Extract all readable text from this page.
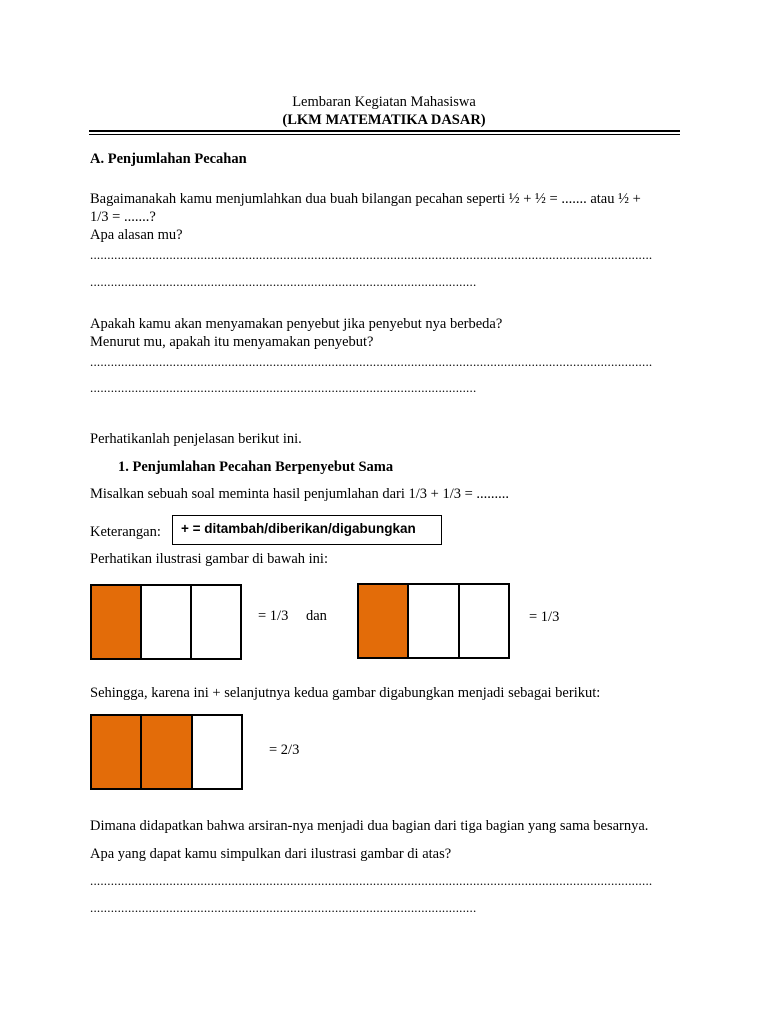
Lembaran Kegiatan Mahasiswa
(LKM MATEMATIKA DASAR)
A. Penjumlahan Pecahan
Bagaimanakah kamu menjumlahkan dua buah bilangan pecahan seperti ½ + ½ = ....... atau ½ +
1/3 = .......?
Apa alasan mu?
...................................................................................................................................................................
................................................................................................................
Apakah kamu akan menyamakan penyebut jika penyebut nya berbeda?
Menurut mu, apakah itu menyamakan penyebut?
...................................................................................................................................................................
................................................................................................................
Perhatikanlah penjelasan berikut ini.
1. Penjumlahan Pecahan Berpenyebut Sama
Misalkan sebuah soal meminta hasil penjumlahan dari 1/3 + 1/3 = .........
Keterangan: + = ditambah/diberikan/digabungkan
Perhatikan ilustrasi gambar di bawah ini:
= 1/3 dan	= 1/3
Sehingga, karena ini + selanjutnya kedua gambar digabungkan menjadi sebagai berikut:
= 2/3
Dimana didapatkan bahwa arsiran-nya menjadi dua bagian dari tiga bagian yang sama besarnya.
Apa yang dapat kamu simpulkan dari ilustrasi gambar di atas?
...................................................................................................................................................................
................................................................................................................
